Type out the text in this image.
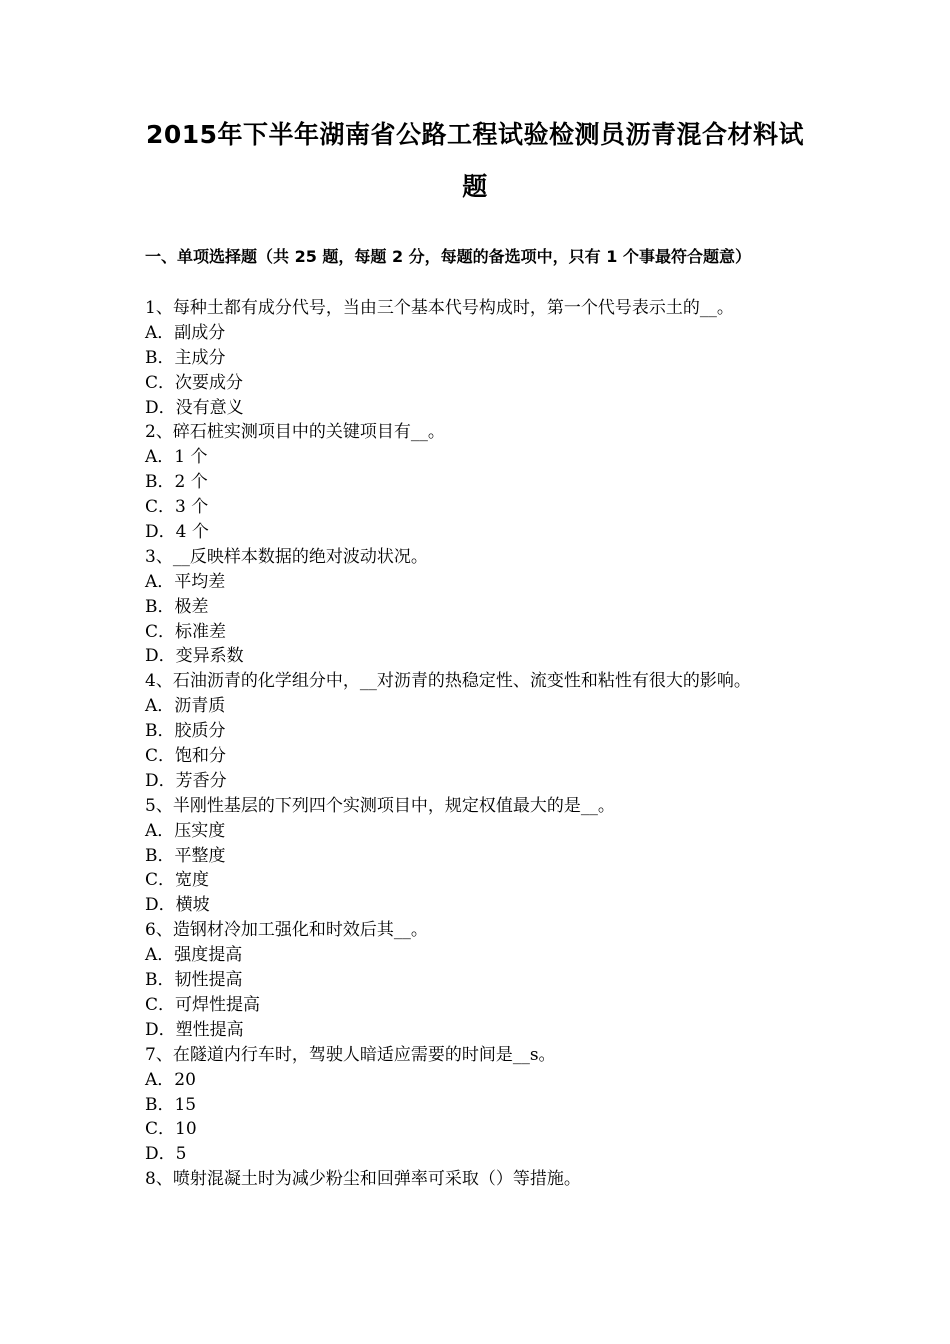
2015年下半年湖南省公路工程试验检测员沥青混合材料试
题
一、单项选择题（共 25 题，每题 2 分，每题的备选项中，只有 1 个事最符合题意）
1、每种土都有成分代号，当由三个基本代号构成时，第一个代号表示土的__。
A．副成分
B．主成分
C．次要成分
D．没有意义
2、碎石桩实测项目中的关键项目有__。
A．1 个
B．2 个
C．3 个
D．4 个
3、__反映样本数据的绝对波动状况。
A．平均差
B．极差
C．标准差
D．变异系数
4、石油沥青的化学组分中，__对沥青的热稳定性、流变性和粘性有很大的影响。
A．沥青质
B．胶质分
C．饱和分
D．芳香分
5、半刚性基层的下列四个实测项目中，规定权值最大的是__。
A．压实度
B．平整度
C．宽度
D．横坡
6、造钢材冷加工强化和时效后其__。
A．强度提高
B．韧性提高
C．可焊性提高
D．塑性提高
7、在隧道内行车时，驾驶人暗适应需要的时间是__s。
A．20
B．15
C．10
D．5
8、喷射混凝土时为减少粉尘和回弹率可采取（）等措施。
